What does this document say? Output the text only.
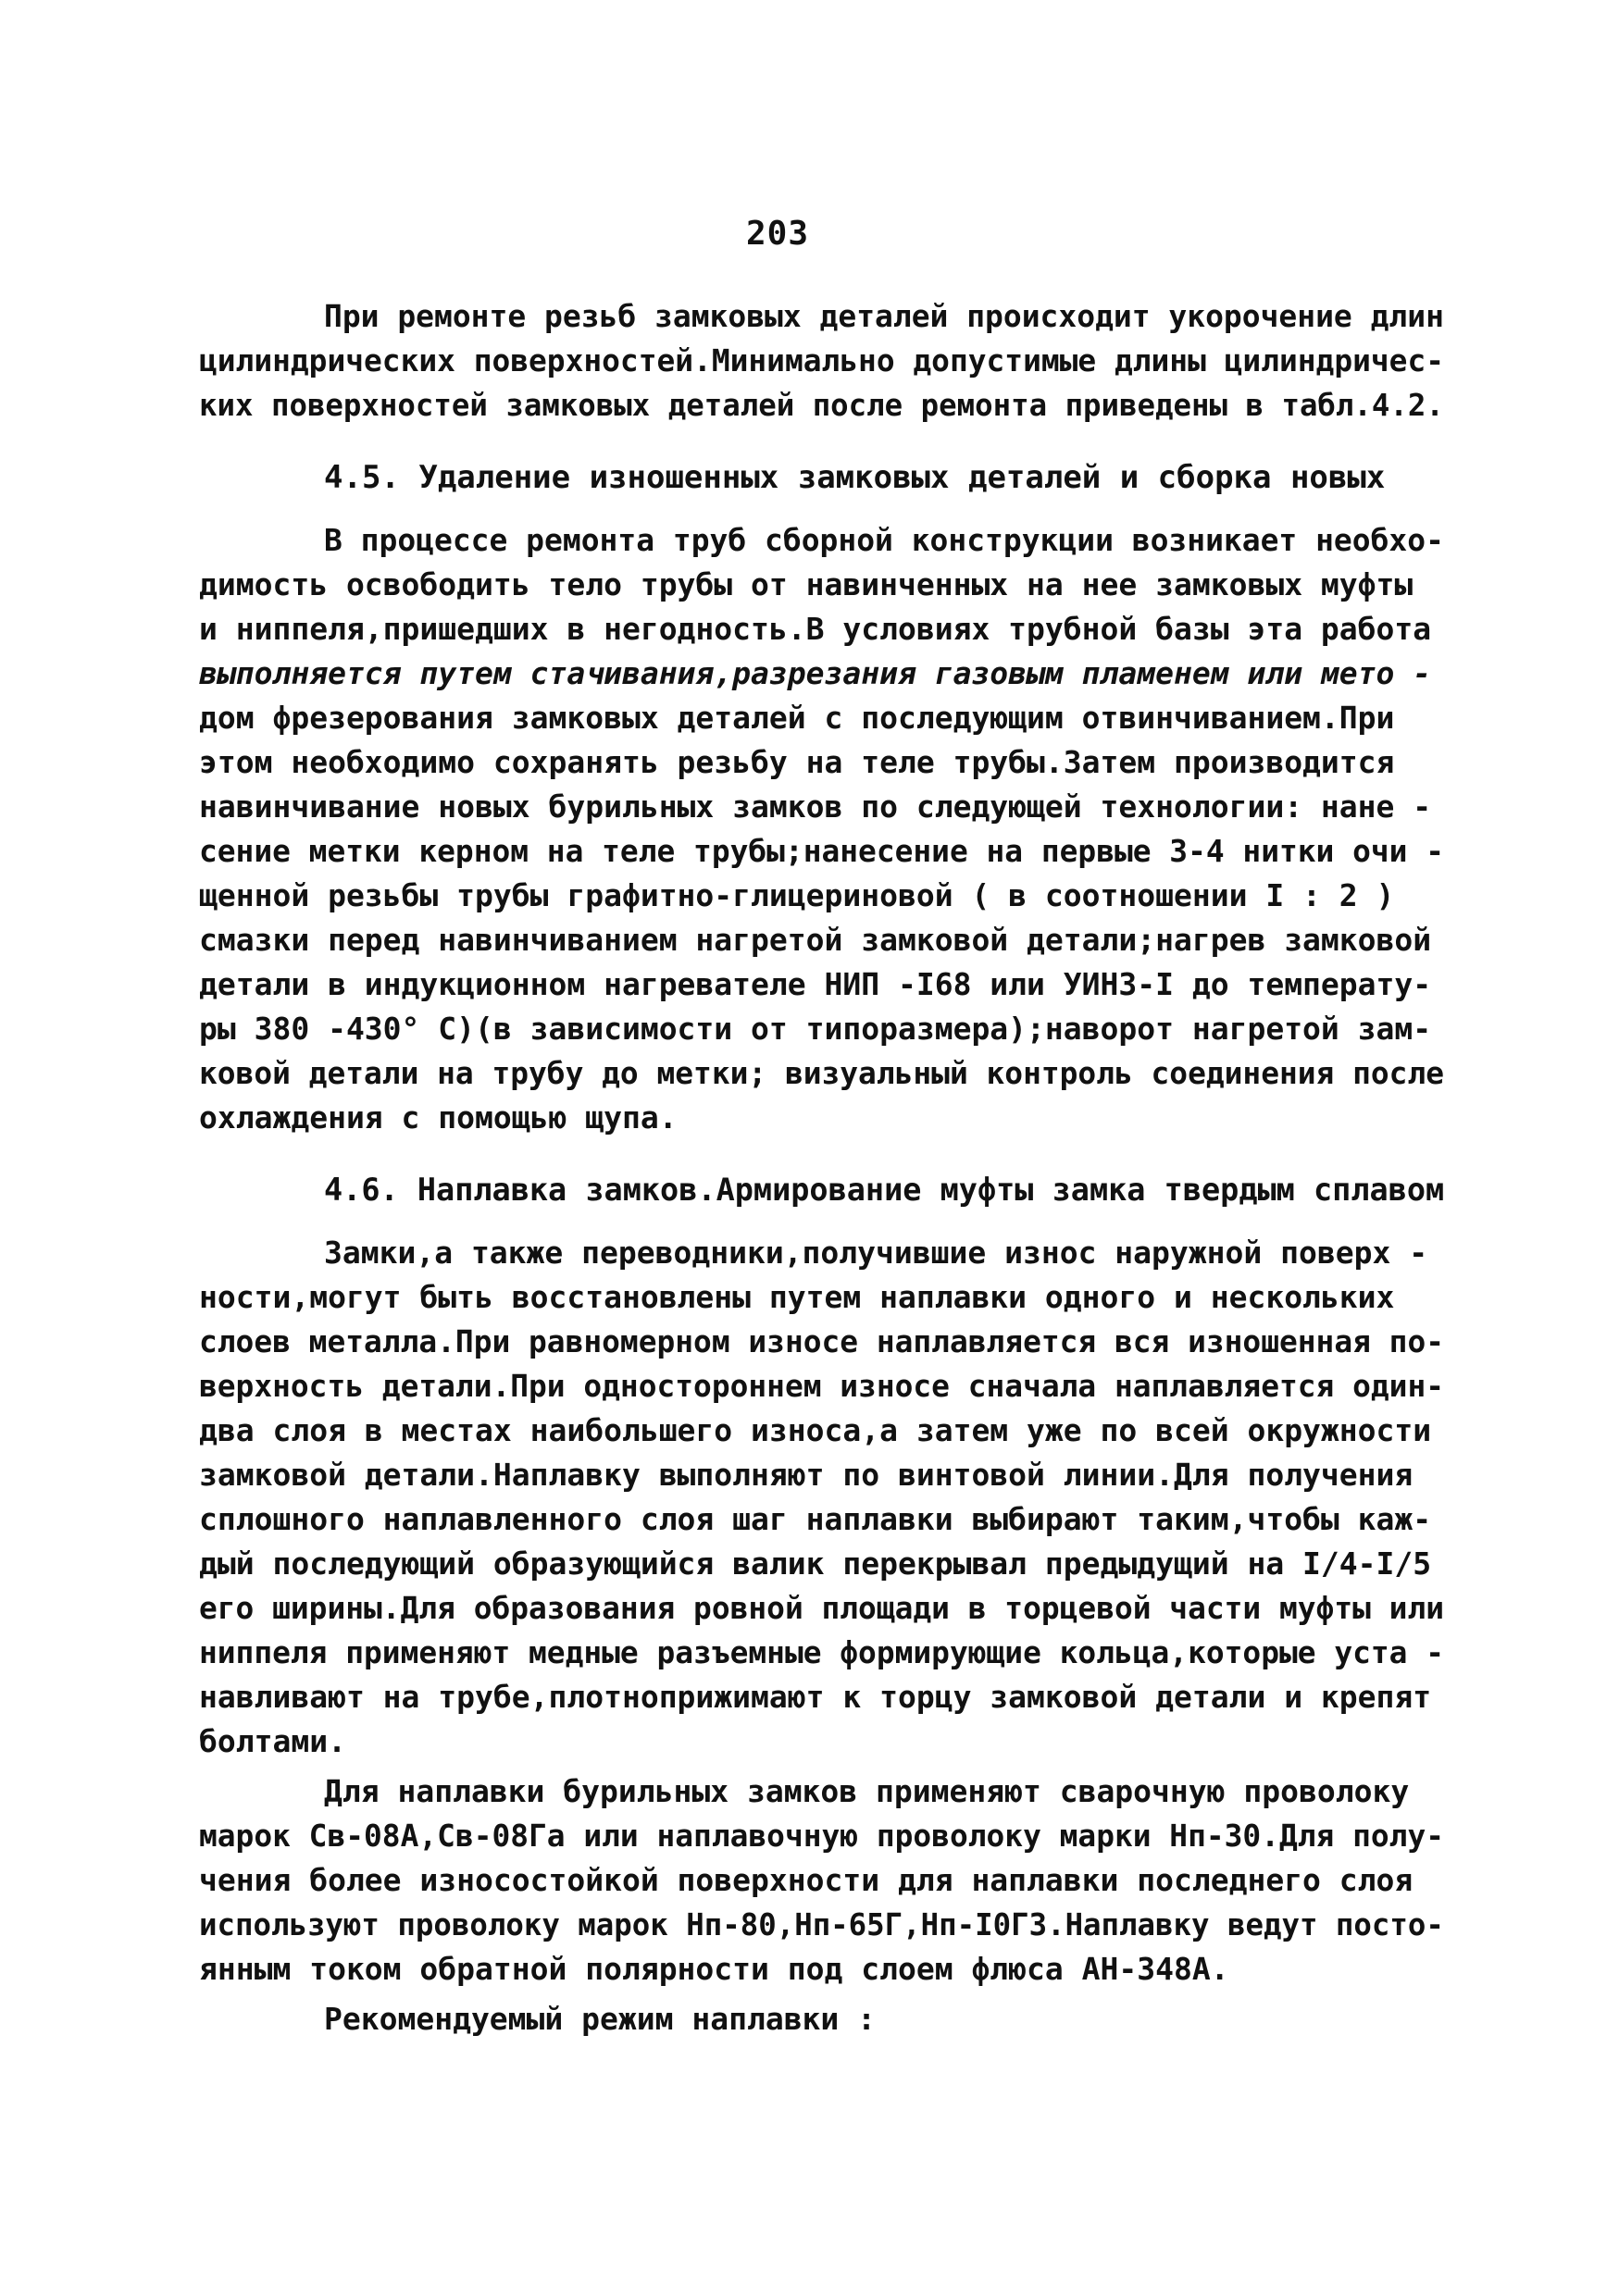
203
При ремонте резьб замковых деталей происходит укорочение длин
цилиндрических поверхностей.Минимально допустимые длины цилиндричес-
ких поверхностей замковых деталей после ремонта приведены в табл.4.2.
4.5. Удаление изношенных замковых деталей и сборка новых
В процессе ремонта труб сборной конструкции возникает необхо-
димость освободить тело трубы от навинченных на нее замковых муфты
и ниппеля,пришедших в негодность.В условиях трубной базы эта работа
выполняется путем стачивания,разрезания газовым пламенем или мето -
дом фрезерования замковых деталей с последующим отвинчиванием.При
этом необходимо сохранять резьбу на теле трубы.Затем производится
навинчивание новых бурильных замков по следующей технологии: нане -
сение метки керном на теле трубы;нанесение на первые 3-4 нитки очи -
щенной резьбы трубы графитно-глицериновой ( в соотношении I : 2 )
смазки перед навинчиванием нагретой замковой детали;нагрев замковой
детали в индукционном нагревателе НИП -I68 или УИНЗ-I до температу-
ры 380 -430° С)(в зависимости от типоразмера);наворот нагретой зам-
ковой детали на трубу до метки; визуальный контроль соединения после
охлаждения с помощью щупа.
4.6. Наплавка замков.Армирование муфты замка твердым сплавом
Замки,а также переводники,получившие износ наружной поверх -
ности,могут быть восстановлены путем наплавки одного и нескольких
слоев металла.При равномерном износе наплавляется вся изношенная по-
верхность детали.При одностороннем износе сначала наплавляется один-
два слоя в местах наибольшего износа,а затем уже по всей окружности
замковой детали.Наплавку выполняют по винтовой линии.Для получения
сплошного наплавленного слоя шаг наплавки выбирают таким,чтобы каж-
дый последующий образующийся валик перекрывал предыдущий на I/4-I/5
его ширины.Для образования ровной площади в торцевой части муфты или
ниппеля применяют медные разъемные формирующие кольца,которые уста -
навливают на трубе,плотноприжимают к торцу замковой детали и крепят
болтами.
Для наплавки бурильных замков применяют сварочную проволоку
марок Св-08А,Св-08Га или наплавочную проволоку марки Нп-30.Для полу-
чения более износостойкой поверхности для наплавки последнего слоя
используют проволоку марок Нп-80,Нп-65Г,Нп-I0ГЗ.Наплавку ведут посто-
янным током обратной полярности под слоем флюса АН-348А.
Рекомендуемый режим наплавки :
